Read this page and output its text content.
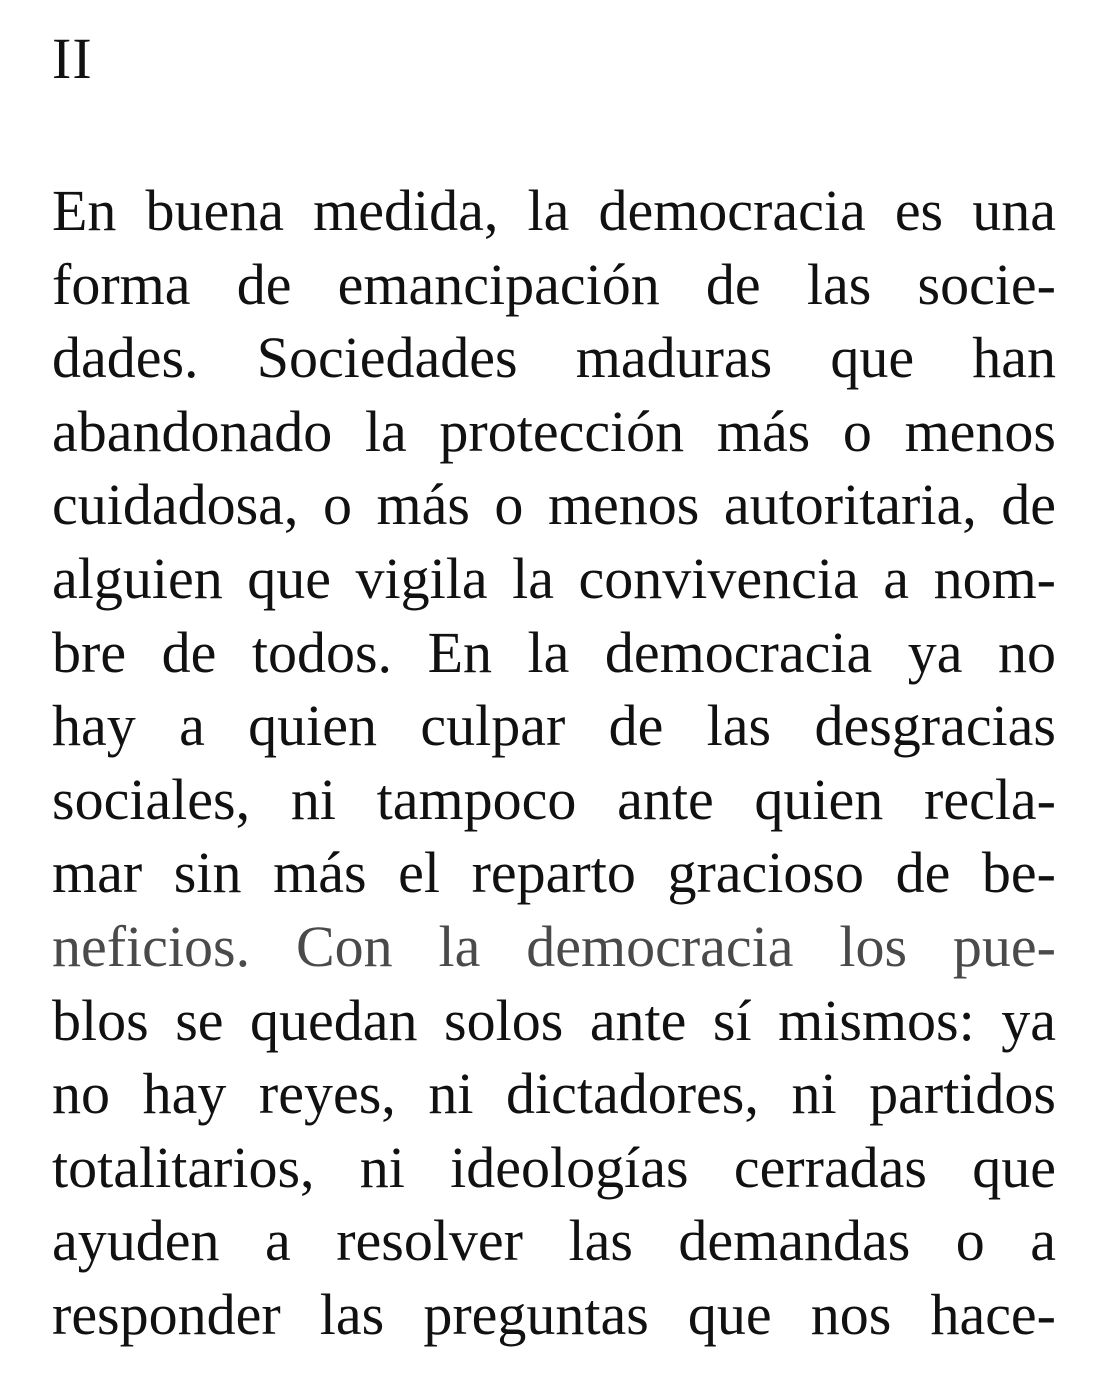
II
En buena medida, la democracia es una
forma de emancipación de las socie-
dades. Sociedades maduras que han
abandonado la protección más o menos
cuidadosa, o más o menos autoritaria, de
alguien que vigila la convivencia a nom-
bre de todos. En la democracia ya no
hay a quien culpar de las desgracias
sociales, ni tampoco ante quien recla-
mar sin más el reparto gracioso de be-
neficios. Con la democracia los pue-
blos se quedan solos ante sí mismos: ya
no hay reyes, ni dictadores, ni partidos
totalitarios, ni ideologías cerradas que
ayuden a resolver las demandas o a
responder las preguntas que nos hace-
